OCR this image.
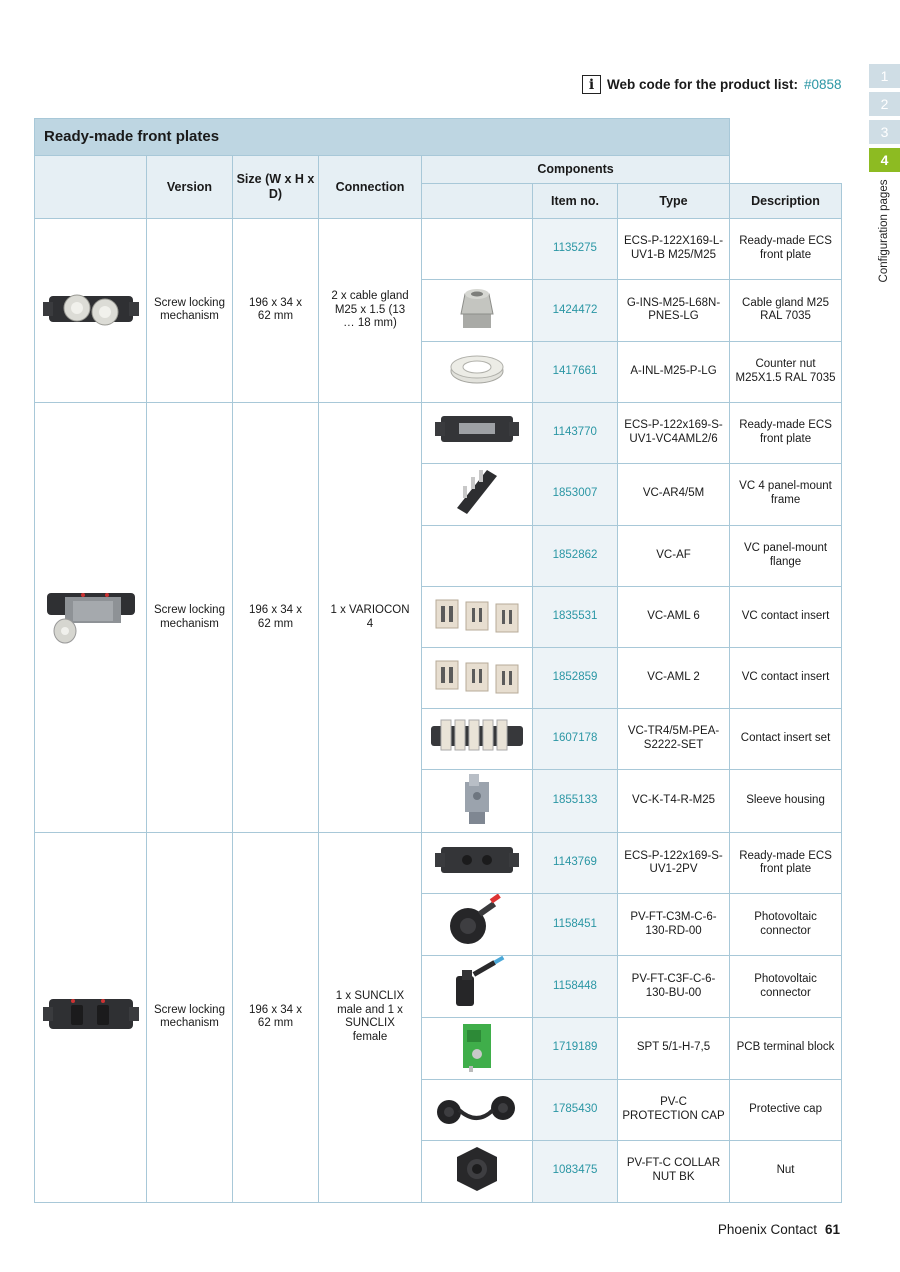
i Web code for the product list: #0858
1
2
3
4
Configuration pages
Ready-made front plates							
	Version	Size (W x H x D)	Connection	Components			
					Item no.	Type	Description
	Screw locking mechanism	196 x 34 x 62 mm	2 x cable gland M25 x 1.5 (13 … 18 mm)		1135275	ECS-P-122X169-L-UV1-B M25/M25	Ready-made ECS front plate
	1424472	G-INS-M25-L68N-PNES-LG	Cable gland M25 RAL 7035
	1417661	A-INL-M25-P-LG	Counter nut M25X1.5 RAL 7035
	Screw locking mechanism	196 x 34 x 62 mm	1 x VARIOCON 4		1143770	ECS-P-122x169-S-UV1-VC4AML2/6	Ready-made ECS front plate
	1853007	VC-AR4/5M	VC 4 panel-mount frame
					1852862	VC-AF	VC panel-mount flange
	1835531	VC-AML 6	VC contact insert
	1852859	VC-AML 2	VC contact insert
	1607178	VC-TR4/5M-PEA-S2222-SET	Contact insert set
	1855133	VC-K-T4-R-M25	Sleeve housing
	Screw locking mechanism	196 x 34 x 62 mm	1 x SUNCLIX male and 1 x SUNCLIX female		1143769	ECS-P-122x169-S-UV1-2PV	Ready-made ECS front plate
	1158451	PV-FT-C3M-C-6-130-RD-00	Photovoltaic connector
	1158448	PV-FT-C3F-C-6-130-BU-00	Photovoltaic connector
	1719189	SPT 5/1-H-7,5	PCB terminal block
	1785430	PV-C PROTECTION CAP	Protective cap
	1083475	PV-FT-C COLLAR NUT BK	Nut
Phoenix Contact 61
